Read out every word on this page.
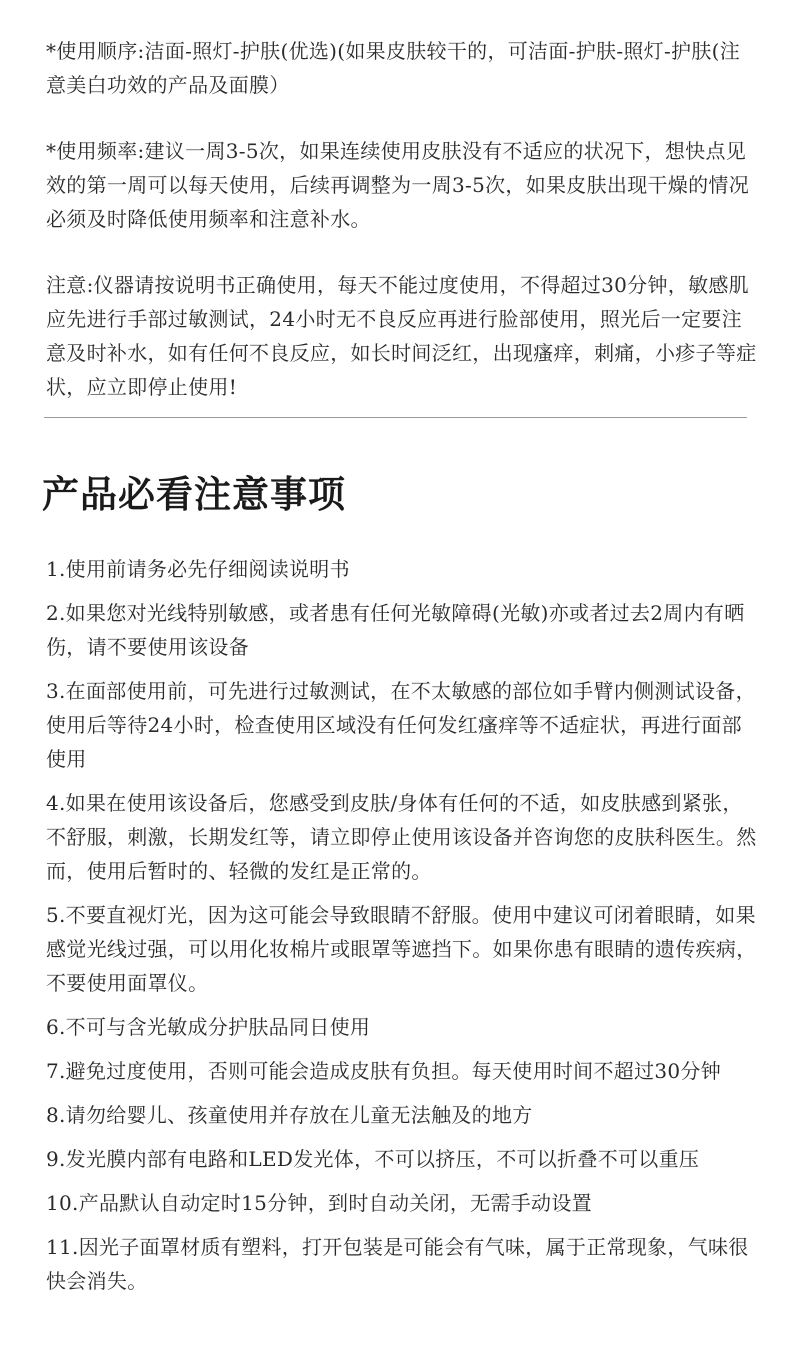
*使用顺序:洁面-照灯-护肤(优选)(如果皮肤较干的，可洁面-护肤-照灯-护肤(注意美白功效的产品及面膜）

*使用频率:建议一周3-5次，如果连续使用皮肤没有不适应的状况下，想快点见效的第一周可以每天使用，后续再调整为一周3-5次，如果皮肤出现干燥的情况必须及时降低使用频率和注意补水。

注意:仪器请按说明书正确使用，每天不能过度使用，不得超过30分钟，敏感肌应先进行手部过敏测试，24小时无不良反应再进行脸部使用，照光后一定要注意及时补水，如有任何不良反应，如长时间泛红，出现瘙痒，刺痛，小疹子等症状，应立即停止使用!

产品必看注意事项
1.使用前请务必先仔细阅读说明书
2.如果您对光线特别敏感，或者患有任何光敏障碍(光敏)亦或者过去2周内有晒伤，请不要使用该设备
3.在面部使用前，可先进行过敏测试，在不太敏感的部位如手臂内侧测试设备，使用后等待24小时，检查使用区域没有任何发红瘙痒等不适症状，再进行面部使用
4.如果在使用该设备后，您感受到皮肤/身体有任何的不适，如皮肤感到紧张，不舒服，刺激，长期发红等，请立即停止使用该设备并咨询您的皮肤科医生。然而，使用后暂时的、轻微的发红是正常的。
5.不要直视灯光，因为这可能会导致眼睛不舒服。使用中建议可闭着眼睛，如果感觉光线过强，可以用化妆棉片或眼罩等遮挡下。如果你患有眼睛的遗传疾病，不要使用面罩仪。
6.不可与含光敏成分护肤品同日使用
7.避免过度使用，否则可能会造成皮肤有负担。每天使用时间不超过30分钟
8.请勿给婴儿、孩童使用并存放在儿童无法触及的地方
9.发光膜内部有电路和LED发光体，不可以挤压，不可以折叠不可以重压
10.产品默认自动定时15分钟，到时自动关闭，无需手动设置
11.因光子面罩材质有塑料，打开包装是可能会有气味，属于正常现象，气味很快会消失。
